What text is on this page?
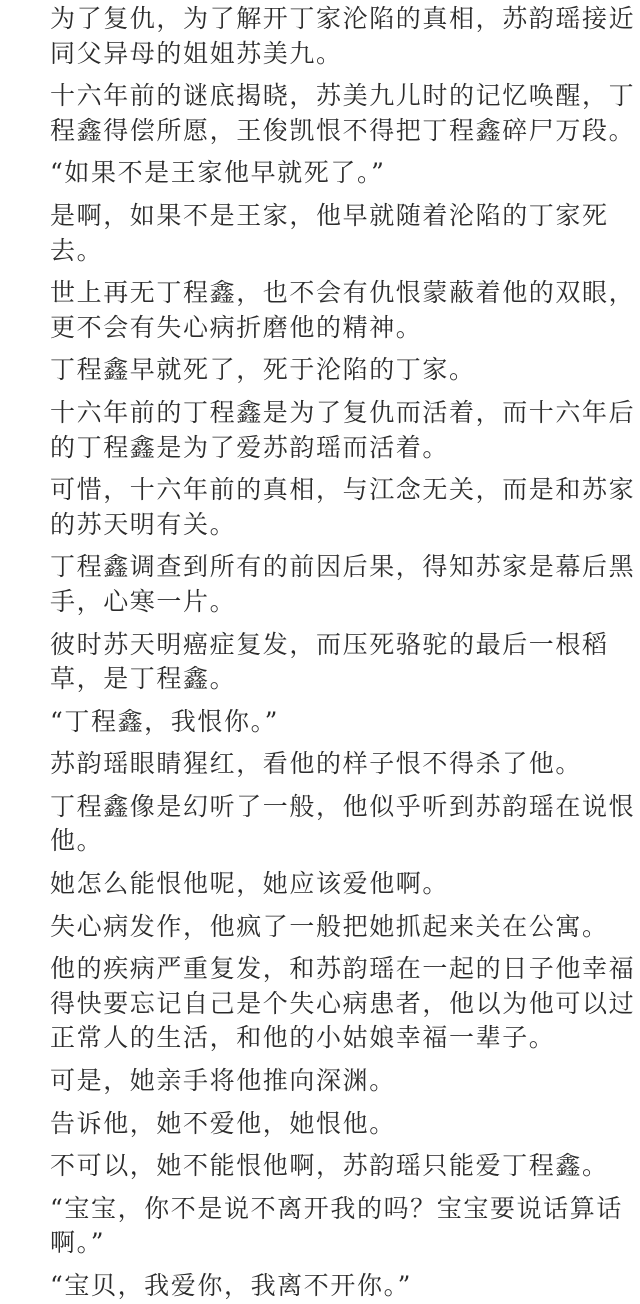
为了复仇，为了解开丁家沦陷的真相，苏韵瑶接近
同父异母的姐姐苏美九。
十六年前的谜底揭晓，苏美九儿时的记忆唤醒，丁
程鑫得偿所愿，王俊凯恨不得把丁程鑫碎尸万段。
“如果不是王家他早就死了。”
是啊，如果不是王家，他早就随着沦陷的丁家死
去。
世上再无丁程鑫，也不会有仇恨蒙蔽着他的双眼，
更不会有失心病折磨他的精神。
丁程鑫早就死了，死于沦陷的丁家。
十六年前的丁程鑫是为了复仇而活着，而十六年后
的丁程鑫是为了爱苏韵瑶而活着。
可惜，十六年前的真相，与江念无关，而是和苏家
的苏天明有关。
丁程鑫调查到所有的前因后果，得知苏家是幕后黑
手，心寒一片。
彼时苏天明癌症复发，而压死骆驼的最后一根稻
草，是丁程鑫。
“丁程鑫，我恨你。”
苏韵瑶眼睛猩红，看他的样子恨不得杀了他。
丁程鑫像是幻听了一般，他似乎听到苏韵瑶在说恨
他。
她怎么能恨他呢，她应该爱他啊。
失心病发作，他疯了一般把她抓起来关在公寓。
他的疾病严重复发，和苏韵瑶在一起的日子他幸福
得快要忘记自己是个失心病患者，他以为他可以过
正常人的生活，和他的小姑娘幸福一辈子。
可是，她亲手将他推向深渊。
告诉他，她不爱他，她恨他。
不可以，她不能恨他啊，苏韵瑶只能爱丁程鑫。
“宝宝，你不是说不离开我的吗？宝宝要说话算话
啊。”
“宝贝，我爱你，我离不开你。”
